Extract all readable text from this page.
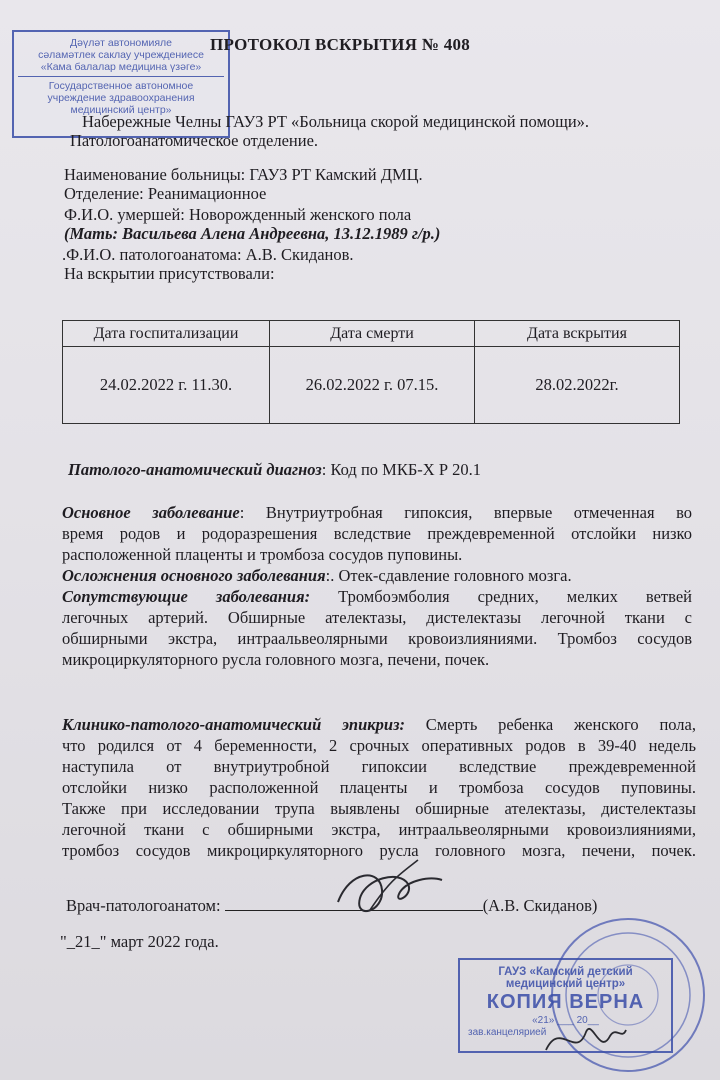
Дәүләт автономияле
сәламәтлек саклау учреждениесе
«Кама балалар медицина үзәге»
Государственное автономное
учреждение здравоохранения
медицинский центр»
ПРОТОКОЛ ВСКРЫТИЯ № 408
Набережные Челны ГАУЗ РТ «Больница скорой медицинской помощи».
Патологоанатомическое отделение.
Наименование больницы: ГАУЗ РТ Камский ДМЦ.
Отделение: Реанимационное
Ф.И.О. умершей: Новорожденный женского пола
(Мать: Васильева Алена Андреевна, 13.12.1989 г/р.)
.Ф.И.О. патологоанатома: А.В. Скиданов.
На вскрытии присутствовали:
Дата госпитализации	Дата смерти	Дата вскрытия
24.02.2022 г. 11.30.	26.02.2022 г. 07.15.	28.02.2022г.
Патолого-анатомический диагноз: Код по МКБ-Х Р 20.1
Основное заболевание: Внутриутробная гипоксия, впервые отмеченная во
время родов и родоразрешения вследствие преждевременной отслойки низко
расположенной плаценты и тромбоза сосудов пуповины.
Осложнения основного заболевания:. Отек-сдавление головного мозга.
Сопутствующие заболевания: Тромбоэмболия средних, мелких ветвей
легочных артерий. Обширные ателектазы, дистелектазы легочной ткани с
обширными экстра, интраальвеолярными кровоизлияниями. Тромбоз сосудов
микроциркуляторного русла головного мозга, печени, почек.
Клинико-патолого-анатомический эпикриз: Смерть ребенка женского пола,
что родился от 4 беременности, 2 срочных оперативных родов в 39-40 недель
наступила от внутриутробной гипоксии вследствие преждевременной
отслойки низко расположенной плаценты и тромбоза сосудов пуповины.
Также при исследовании трупа выявлены обширные ателектазы, дистелектазы
легочной ткани с обширными экстра, интраальвеолярными кровоизлияниями,
тромбоз сосудов микроциркуляторного русла головного мозга, печени, почек.
Врач-патологоанатом:	(А.В. Скиданов)
"_21_" март 2022 года.
ГАУЗ «Камский детский
медицинский центр»
КОПИЯ ВЕРНА
«21» ___ 20__
зав.канцелярией
